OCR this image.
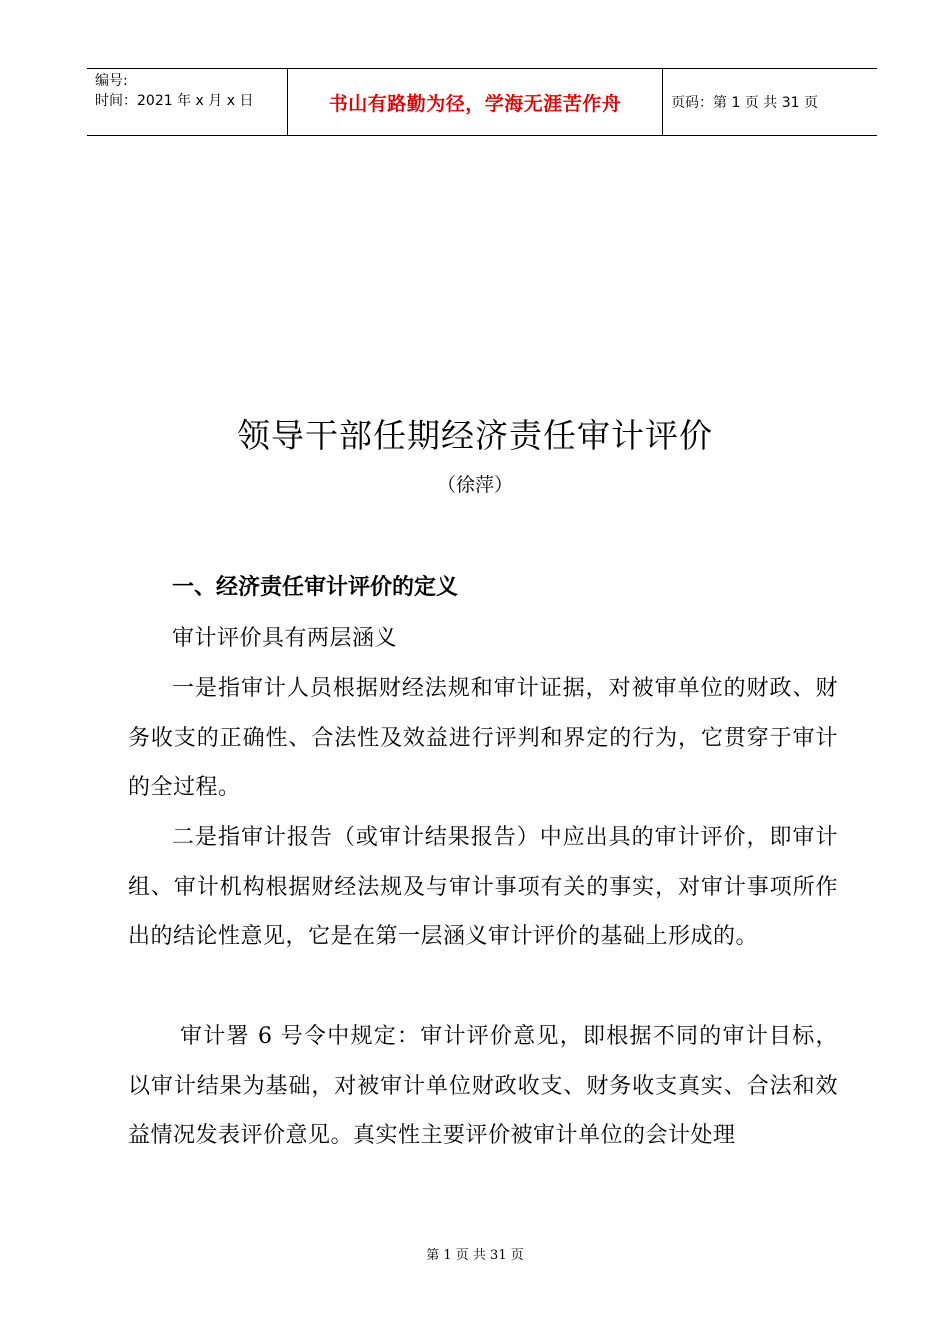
编号:
时间：2021 年 x 月 x 日	书山有路勤为径，学海无涯苦作舟	页码：第 1 页 共 31 页
领导干部任期经济责任审计评价
（徐萍）
一、经济责任审计评价的定义
审计评价具有两层涵义
一是指审计人员根据财经法规和审计证据，对被审单位的财政、财务收支的正确性、合法性及效益进行评判和界定的行为，它贯穿于审计的全过程。
二是指审计报告（或审计结果报告）中应出具的审计评价，即审计组、审计机构根据财经法规及与审计事项有关的事实，对审计事项所作出的结论性意见，它是在第一层涵义审计评价的基础上形成的。
审计署 6 号令中规定：审计评价意见，即根据不同的审计目标，以审计结果为基础，对被审计单位财政收支、财务收支真实、合法和效益情况发表评价意见。真实性主要评价被审计单位的会计处理
第 1 页 共 31 页
